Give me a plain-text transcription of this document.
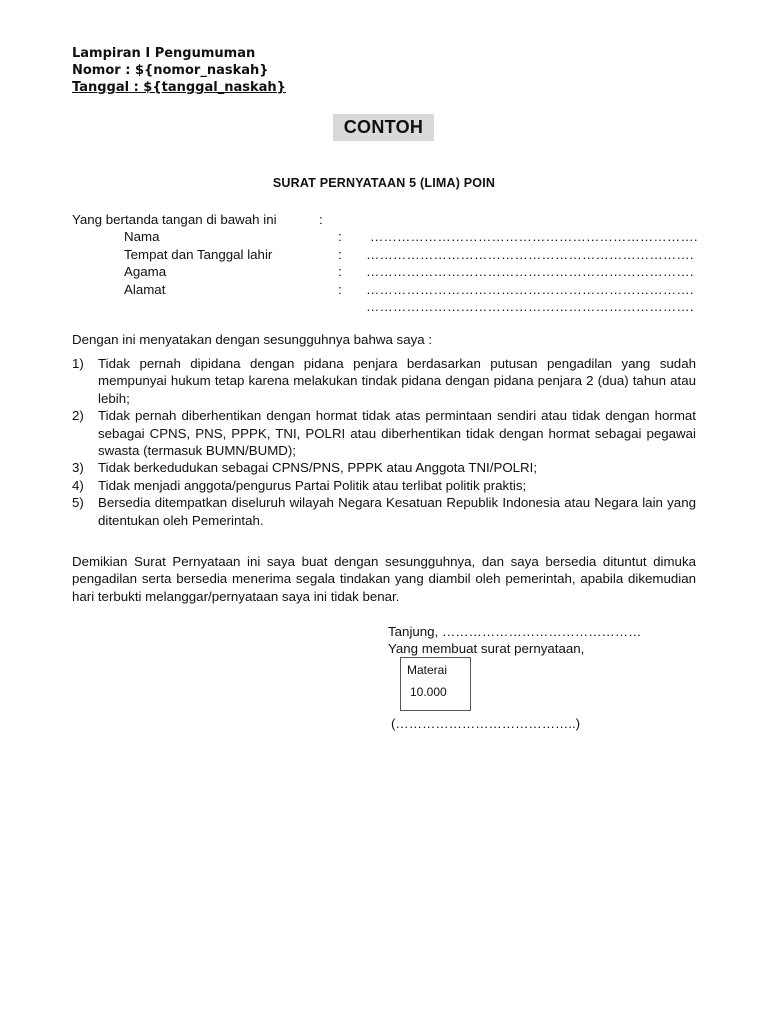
Lampiran I Pengumuman
Nomor : ${nomor_naskah}
Tanggal : ${tanggal_naskah}
CONTOH
SURAT PERNYATAAN 5 (LIMA) POIN
Yang bertanda tangan di bawah ini	:
Nama	: ……………………………………………………………….
Tempat dan Tanggal lahir	: ……………………………………………………………….
Agama	: ……………………………………………………………….
Alamat	: ……………………………………………………………….
……………………………………………………………….
Dengan ini menyatakan dengan sesungguhnya bahwa saya :
1) Tidak pernah dipidana dengan pidana penjara berdasarkan putusan pengadilan yang sudah mempunyai hukum tetap karena melakukan tindak pidana dengan pidana penjara 2 (dua) tahun atau lebih;
2) Tidak pernah diberhentikan dengan hormat tidak atas permintaan sendiri atau tidak dengan hormat sebagai CPNS, PNS, PPPK, TNI, POLRI atau diberhentikan tidak dengan hormat sebagai pegawai swasta (termasuk BUMN/BUMD);
3) Tidak berkedudukan sebagai CPNS/PNS, PPPK atau Anggota TNI/POLRI;
4) Tidak menjadi anggota/pengurus Partai Politik atau terlibat politik praktis;
5) Bersedia ditempatkan diseluruh wilayah Negara Kesatuan Republik Indonesia atau Negara lain yang ditentukan oleh Pemerintah.
Demikian Surat Pernyataan ini saya buat dengan sesungguhnya, dan saya bersedia dituntut dimuka pengadilan serta bersedia menerima segala tindakan yang diambil oleh pemerintah, apabila dikemudian hari terbukti melanggar/pernyataan saya ini tidak benar.
Tanjung, ………………………………………
Yang membuat surat pernyataan,
Materai
10.000
(…………………………………..)
